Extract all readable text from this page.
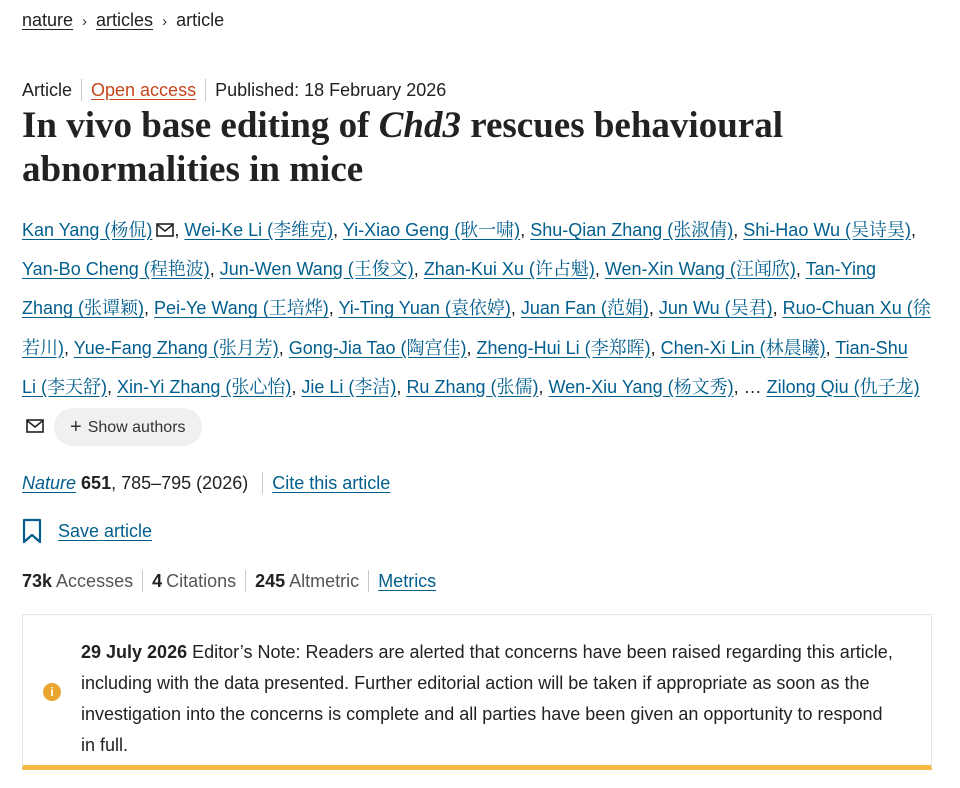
nature › articles › article
Article Open access Published: 18 February 2026
In vivo base editing of Chd3 rescues behavioural abnormalities in mice
Kan Yang (杨侃) , Wei-Ke Li (李维克), Yi-Xiao Geng (耿一啸), Shu-Qian Zhang (张淑倩), Shi-Hao Wu (吴诗昊), Yan-Bo Cheng (程艳波), Jun-Wen Wang (王俊文), Zhan-Kui Xu (许占魁), Wen-Xin Wang (汪闻欣), Tan-Ying Zhang (张谭颖), Pei-Ye Wang (王培烨), Yi-Ting Yuan (袁依婷), Juan Fan (范娟), Jun Wu (吴君), Ruo-Chuan Xu (徐若川), Yue-Fang Zhang (张月芳), Gong-Jia Tao (陶宫佳), Zheng-Hui Li (李郑晖), Chen-Xi Lin (林晨曦), Tian-Shu Li (李天舒), Xin-Yi Zhang (张心怡), Jie Li (李洁), Ru Zhang (张儒), Wen-Xiu Yang (杨文秀), … Zilong Qiu (仇子龙)+ Show authors
Nature 651, 785–795 (2026) Cite this article
Save article
73k Accesses 4 Citations 245 Altmetric Metrics
i
29 July 2026 Editor’s Note: Readers are alerted that concerns have been raised regarding this article, including with the data presented. Further editorial action will be taken if appropriate as soon as the investigation into the concerns is complete and all parties have been given an opportunity to respond in full.
